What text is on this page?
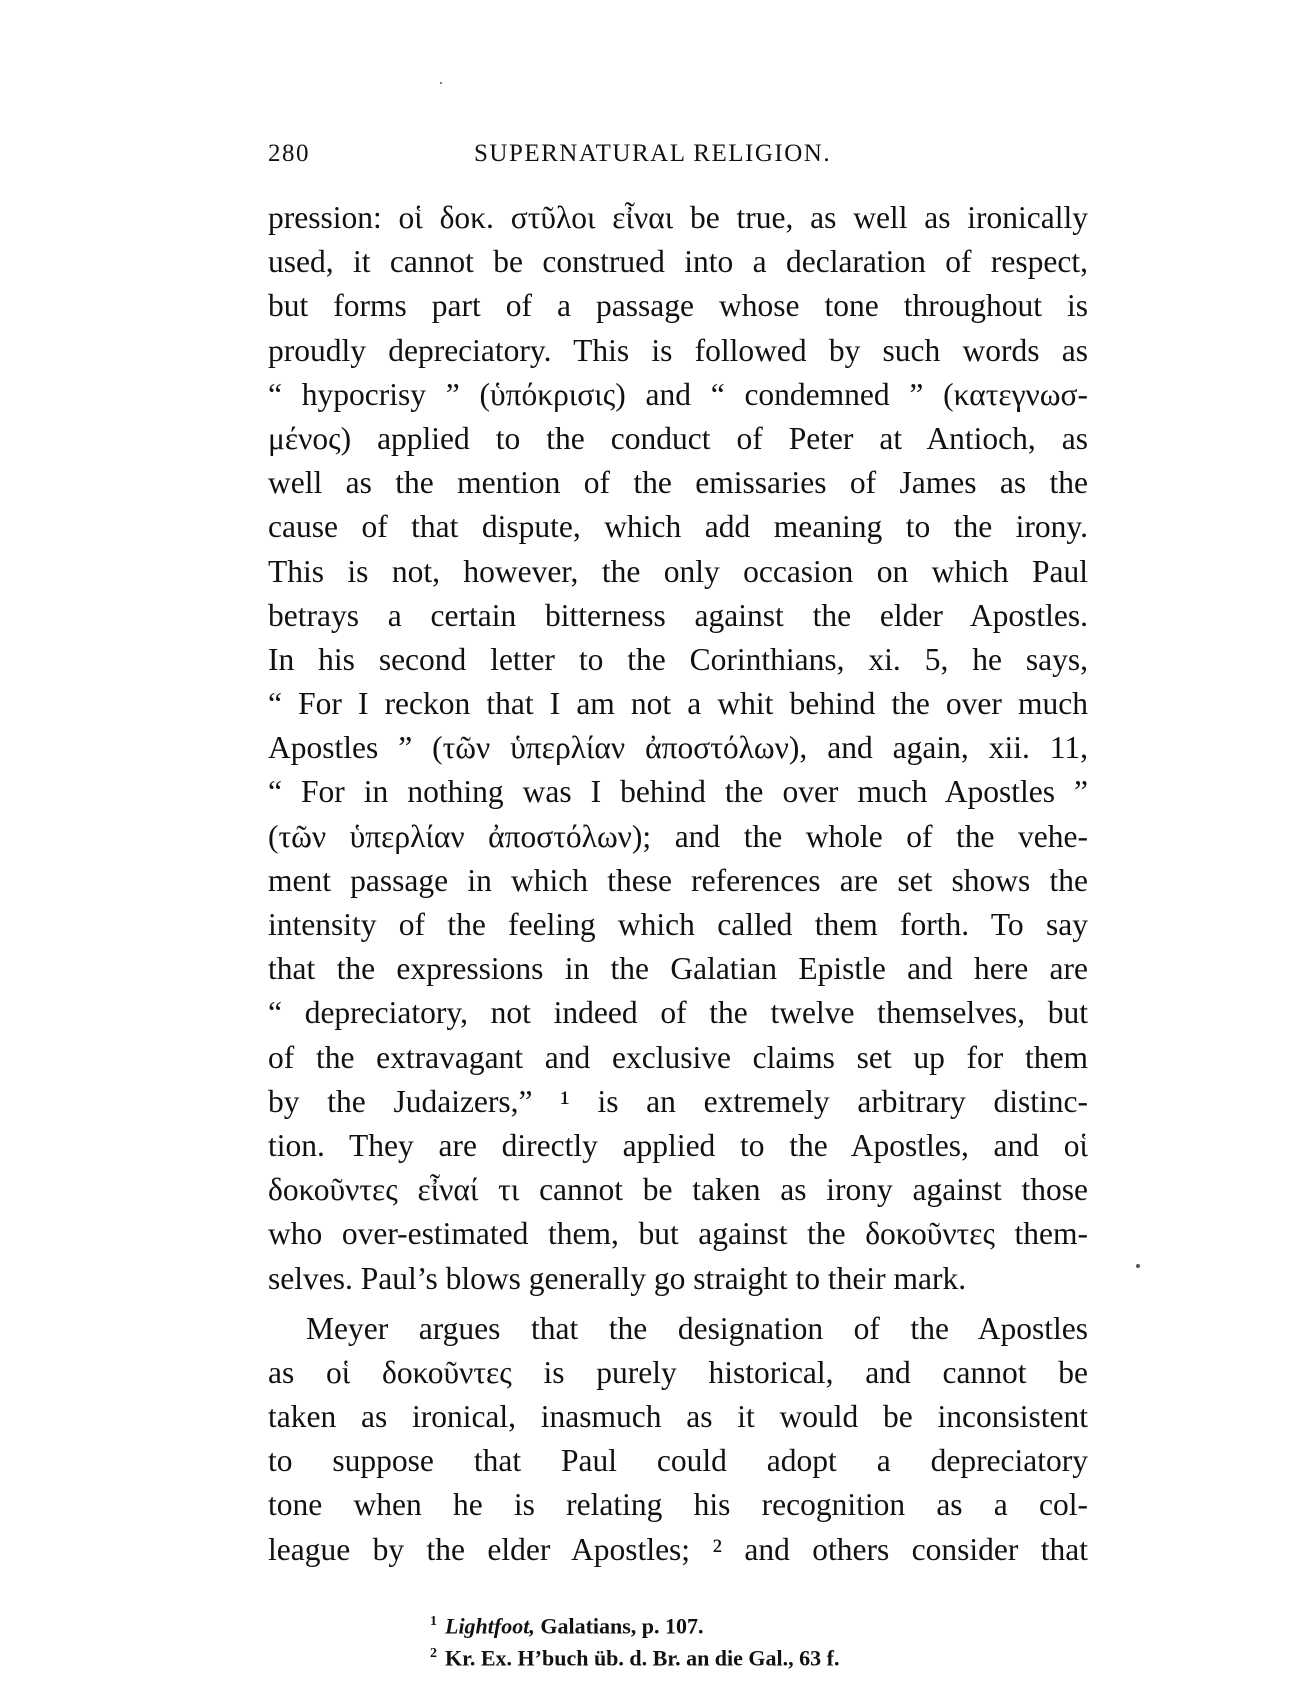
280	SUPERNATURAL RELIGION.
pression: οἱ δοκ. στῦλοι εἶναι be true, as well as ironically
used, it cannot be construed into a declaration of respect,
but forms part of a passage whose tone throughout is
proudly depreciatory. This is followed by such words as
“ hypocrisy ” (ὑπόκρισις) and “ condemned ” (κατεγνωσ-
μένος) applied to the conduct of Peter at Antioch, as
well as the mention of the emissaries of James as the
cause of that dispute, which add meaning to the irony.
This is not, however, the only occasion on which Paul
betrays a certain bitterness against the elder Apostles.
In his second letter to the Corinthians, xi. 5, he says,
“ For I reckon that I am not a whit behind the over much
Apostles ” (τῶν ὑπερλίαν ἀποστόλων), and again, xii. 11,
“ For in nothing was I behind the over much Apostles ”
(τῶν ὑπερλίαν ἀποστόλων); and the whole of the vehe-
ment passage in which these references are set shows the
intensity of the feeling which called them forth. To say
that the expressions in the Galatian Epistle and here are
“ depreciatory, not indeed of the twelve themselves, but
of the extravagant and exclusive claims set up for them
by the Judaizers,” ¹ is an extremely arbitrary distinc-
tion. They are directly applied to the Apostles, and οἱ
δοκοῦντες εἶναί τι cannot be taken as irony against those
who over-estimated them, but against the δοκοῦντες them-
selves. Paul’s blows generally go straight to their mark.
Meyer argues that the designation of the Apostles
as οἱ δοκοῦντες is purely historical, and cannot be
taken as ironical, inasmuch as it would be inconsistent
to suppose that Paul could adopt a depreciatory
tone when he is relating his recognition as a col-
league by the elder Apostles; ² and others consider that
$^1$ Lightfoot, Galatians, p. 107.
$^2$ Kr. Ex. H’buch üb. d. Br. an die Gal., 63 f.
